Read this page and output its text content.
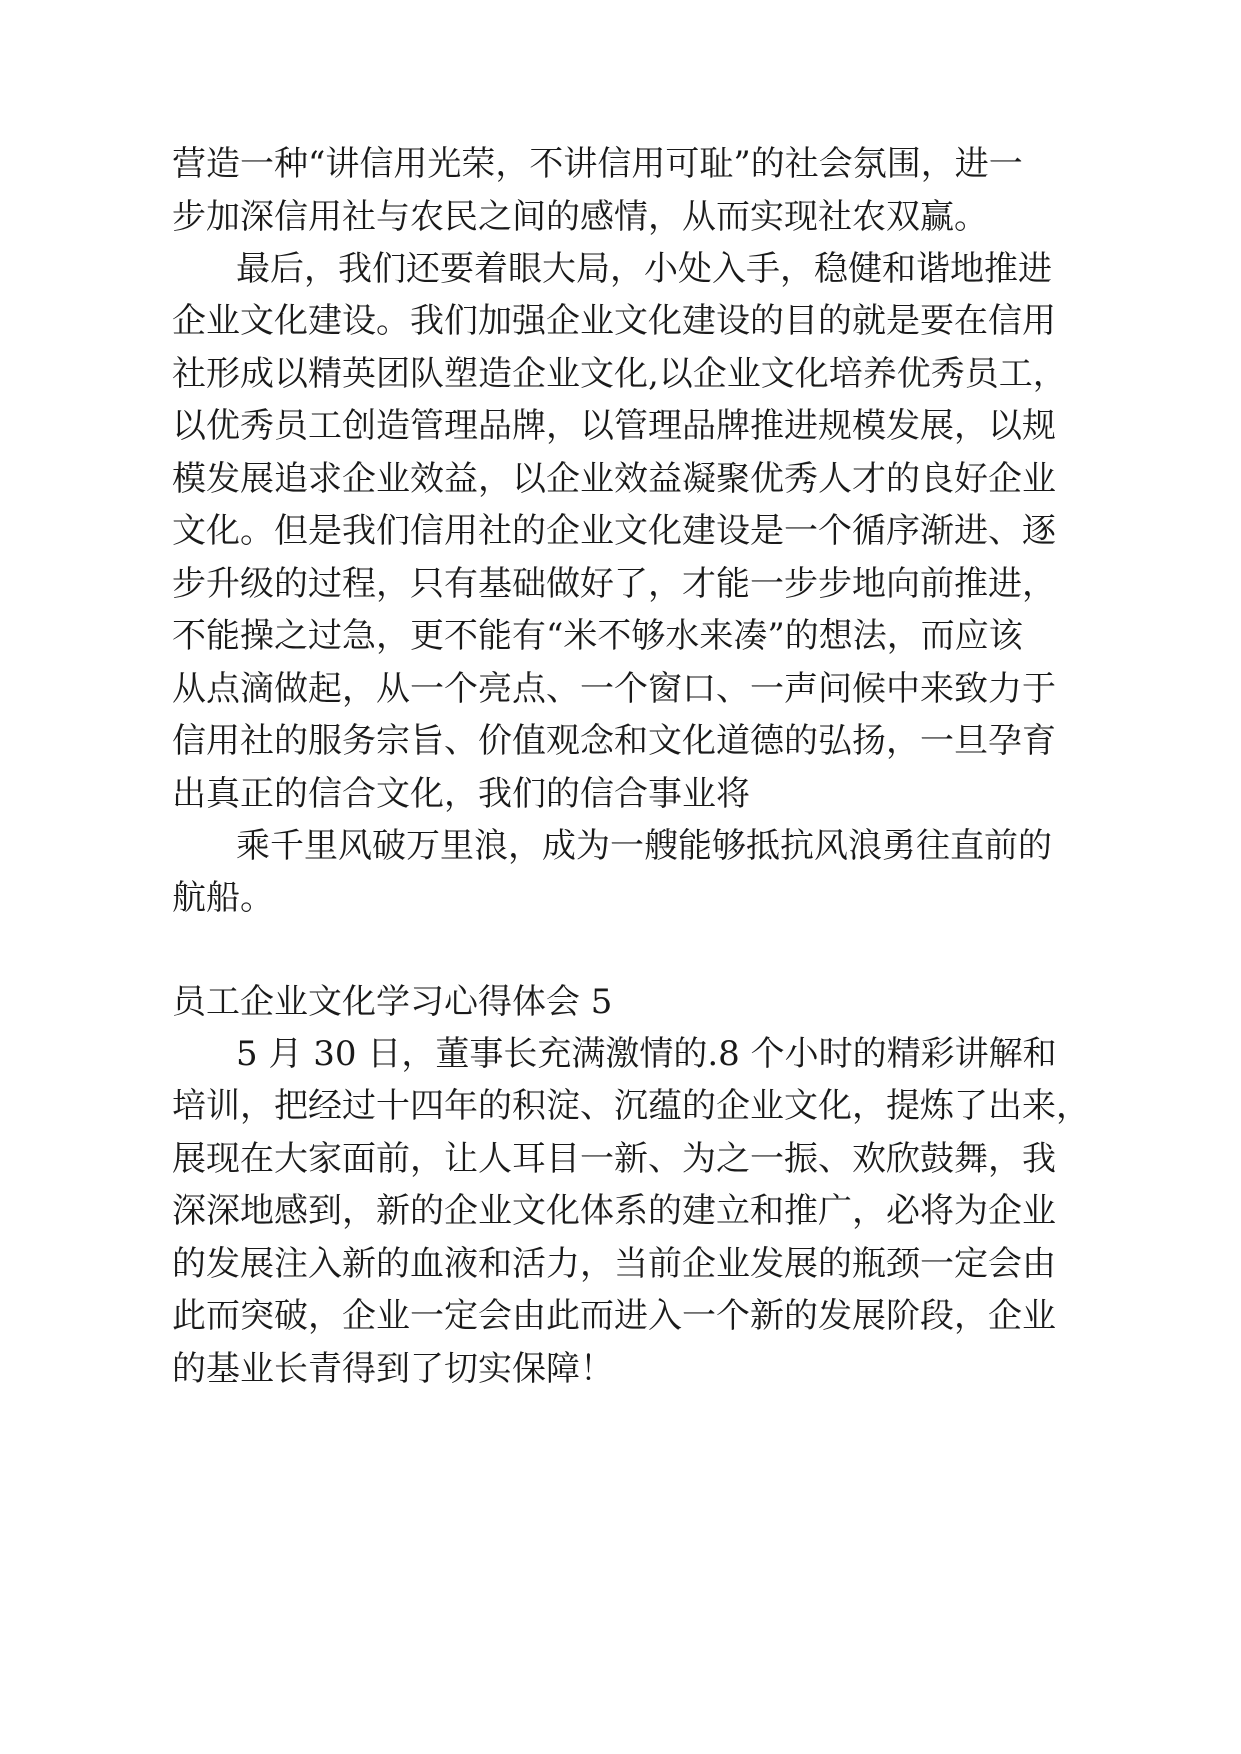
营造一种“讲信用光荣，不讲信用可耻”的社会氛围，进一

步加深信用社与农民之间的感情，从而实现社农双赢。

最后，我们还要着眼大局，小处入手，稳健和谐地推进

企业文化建设。我们加强企业文化建设的目的就是要在信用

社形成以精英团队塑造企业文化,以企业文化培养优秀员工，

以优秀员工创造管理品牌，以管理品牌推进规模发展，以规

模发展追求企业效益，以企业效益凝聚优秀人才的良好企业

文化。但是我们信用社的企业文化建设是一个循序渐进、逐

步升级的过程，只有基础做好了，才能一步步地向前推进，

不能操之过急，更不能有“米不够水来凑”的想法，而应该

从点滴做起，从一个亮点、一个窗口、一声问候中来致力于

信用社的服务宗旨、价值观念和文化道德的弘扬，一旦孕育

出真正的信合文化，我们的信合事业将

乘千里风破万里浪，成为一艘能够抵抗风浪勇往直前的

航船。

员工企业文化学习心得体会 5

5 月 30 日，董事长充满激情的.8 个小时的精彩讲解和

培训，把经过十四年的积淀、沉蕴的企业文化，提炼了出来，

展现在大家面前，让人耳目一新、为之一振、欢欣鼓舞，我

深深地感到，新的企业文化体系的建立和推广，必将为企业

的发展注入新的血液和活力，当前企业发展的瓶颈一定会由

此而突破，企业一定会由此而进入一个新的发展阶段，企业

的基业长青得到了切实保障！
